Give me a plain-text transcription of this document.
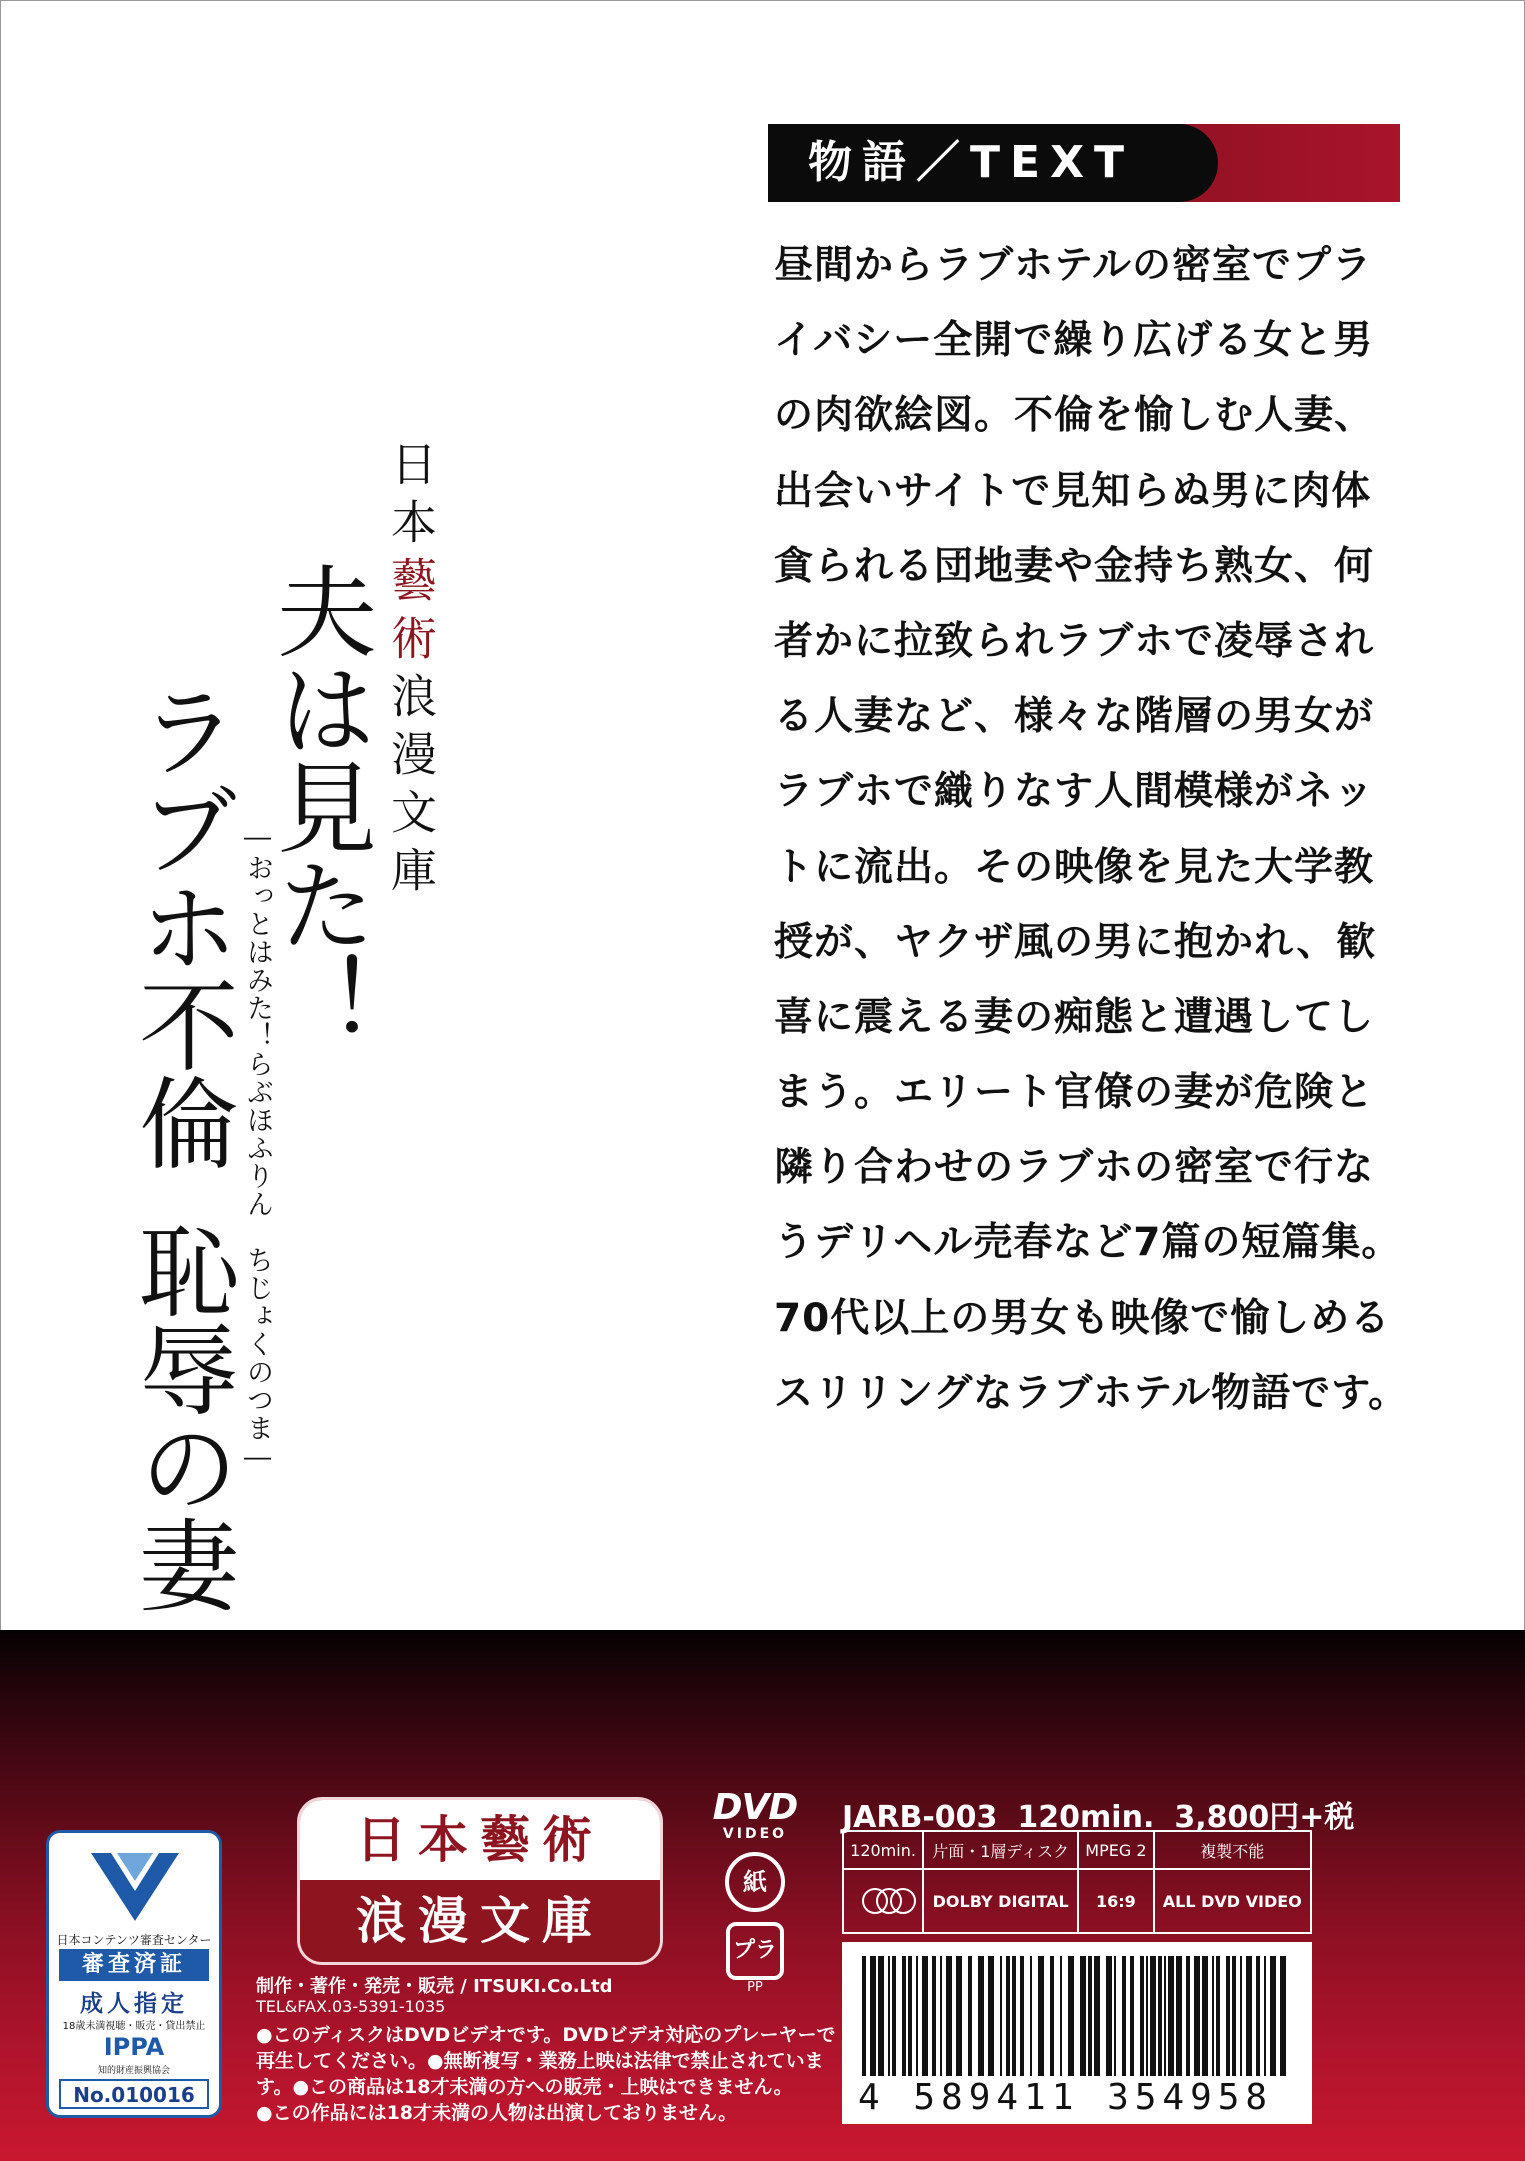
日本藝術浪漫文庫
夫は見た！
―おっとはみた！らぶほふりん　ちじょくのつま―
ラブホ不倫恥辱の妻
物語／TEXT
昼間からラブホテルの密室でプラ
イバシー全開で繰り広げる女と男
の肉欲絵図。不倫を愉しむ人妻、
出会いサイトで見知らぬ男に肉体
貪られる団地妻や金持ち熟女、何
者かに拉致られラブホで凌辱され
る人妻など、様々な階層の男女が
ラブホで織りなす人間模様がネッ
トに流出。その映像を見た大学教
授が、ヤクザ風の男に抱かれ、歓
喜に震える妻の痴態と遭遇してし
まう。エリート官僚の妻が危険と
隣り合わせのラブホの密室で行な
うデリヘル売春など7篇の短篇集。
70代以上の男女も映像で愉しめる
スリリングなラブホテル物語です。
日本コンテンツ審査センター
審査済証
成人指定
18歳未満視聴・販売・貸出禁止
IPPA
知的財産振興協会
No.010016
日本藝術
浪漫文庫
制作・著作・発売・販売 / ITSUKI.Co.Ltd
TEL&FAX.03-5391-1035
●このディスクはDVDビデオです。DVDビデオ対応のプレーヤーで再生してください。●無断複写・業務上映は法律で禁止されています。●この商品は18才未満の方への販売・上映はできません。
●この作品には18才未満の人物は出演しておりません。
DVD
VIDEO
紙
プラ
PP
JARB-003 120min. 3,800円+税
120min.	片面・1層ディスク	MPEG 2	複製不能
	DOLBY DIGITAL	16:9	ALL DVD VIDEO
4 589411 354958
